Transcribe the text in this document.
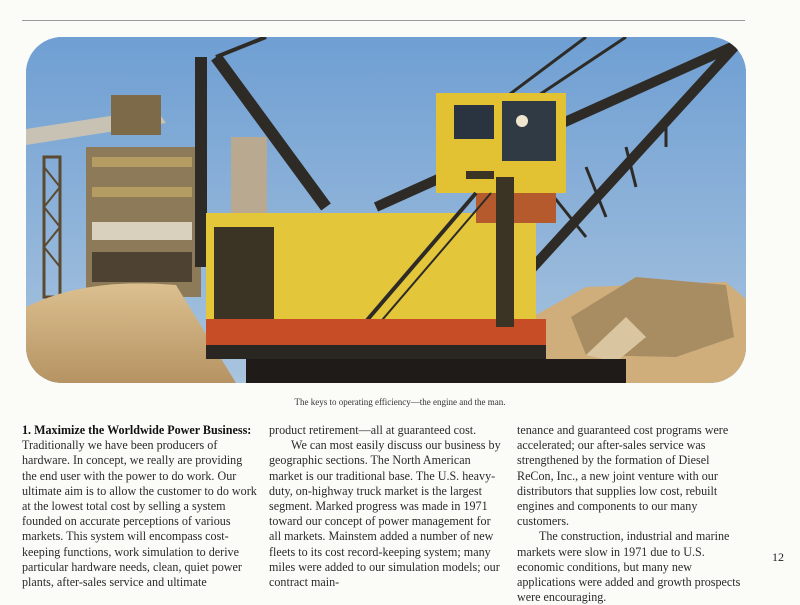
The keys to operating efficiency—the engine and the man.

1. Maximize the Worldwide Power Business: Traditionally we have been producers of hardware. In concept, we really are providing the end user with the power to do work. Our ultimate aim is to allow the customer to do work at the lowest total cost by selling a system founded on accurate perceptions of various markets. This system will encompass cost-keeping functions, work simulation to derive particular hardware needs, clean, quiet power plants, after-sales service and ultimate

product retirement—all at guaranteed cost.

We can most easily discuss our business by geographic sections. The North American market is our traditional base. The U.S. heavy-duty, on-highway truck market is the largest segment. Marked progress was made in 1971 toward our concept of power management for all markets. Mainstem added a number of new fleets to its cost record-keeping system; many miles were added to our simulation models; our contract main-

tenance and guaranteed cost programs were accelerated; our after-sales service was strengthened by the formation of Diesel ReCon, Inc., a new joint venture with our distributors that supplies low cost, rebuilt engines and components to our many customers.

The construction, industrial and marine markets were slow in 1971 due to U.S. economic conditions, but many new applications were added and growth prospects were encouraging.

12
